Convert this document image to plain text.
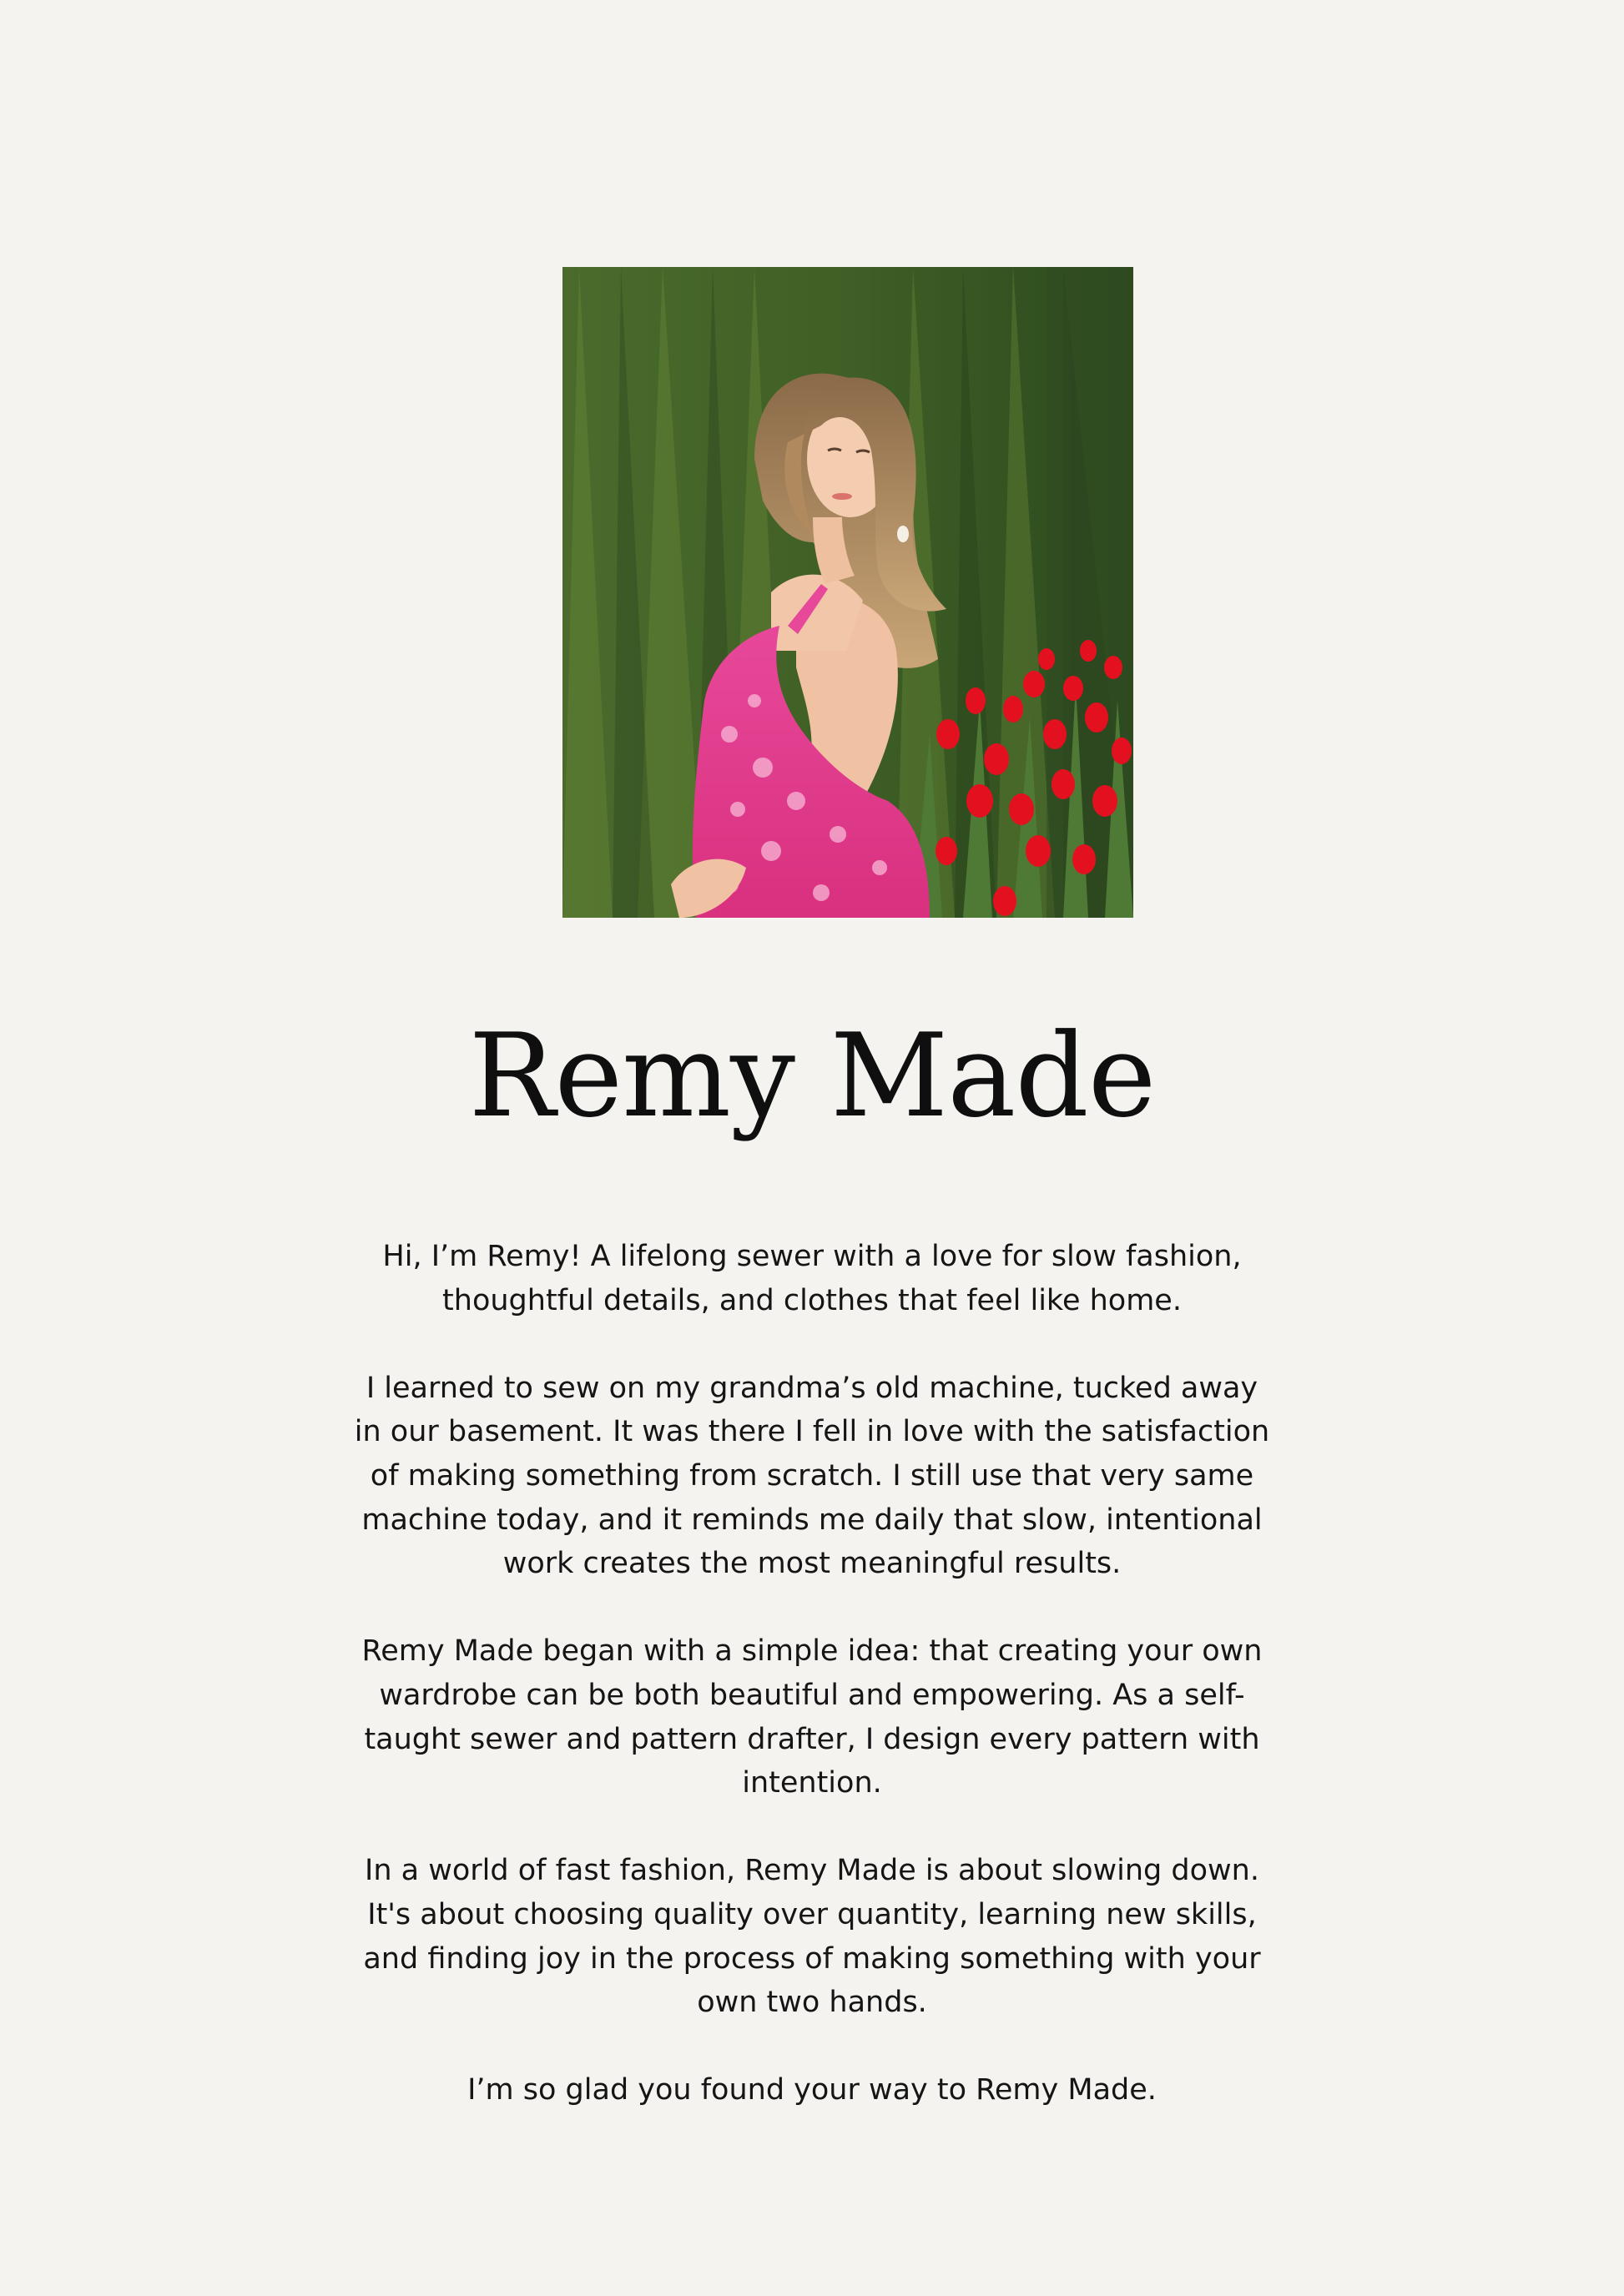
Remy Made

Hi, I’m Remy! A lifelong sewer with a love for slow fashion, thoughtful details, and clothes that feel like home.

I learned to sew on my grandma’s old machine, tucked away in our basement. It was there I fell in love with the satisfaction of making something from scratch. I still use that very same machine today, and it reminds me daily that slow, intentional work creates the most meaningful results.

Remy Made began with a simple idea: that creating your own wardrobe can be both beautiful and empowering. As a self-taught sewer and pattern drafter, I design every pattern with intention.

In a world of fast fashion, Remy Made is about slowing down. It's about choosing quality over quantity, learning new skills, and finding joy in the process of making something with your own two hands.

I’m so glad you found your way to Remy Made.
